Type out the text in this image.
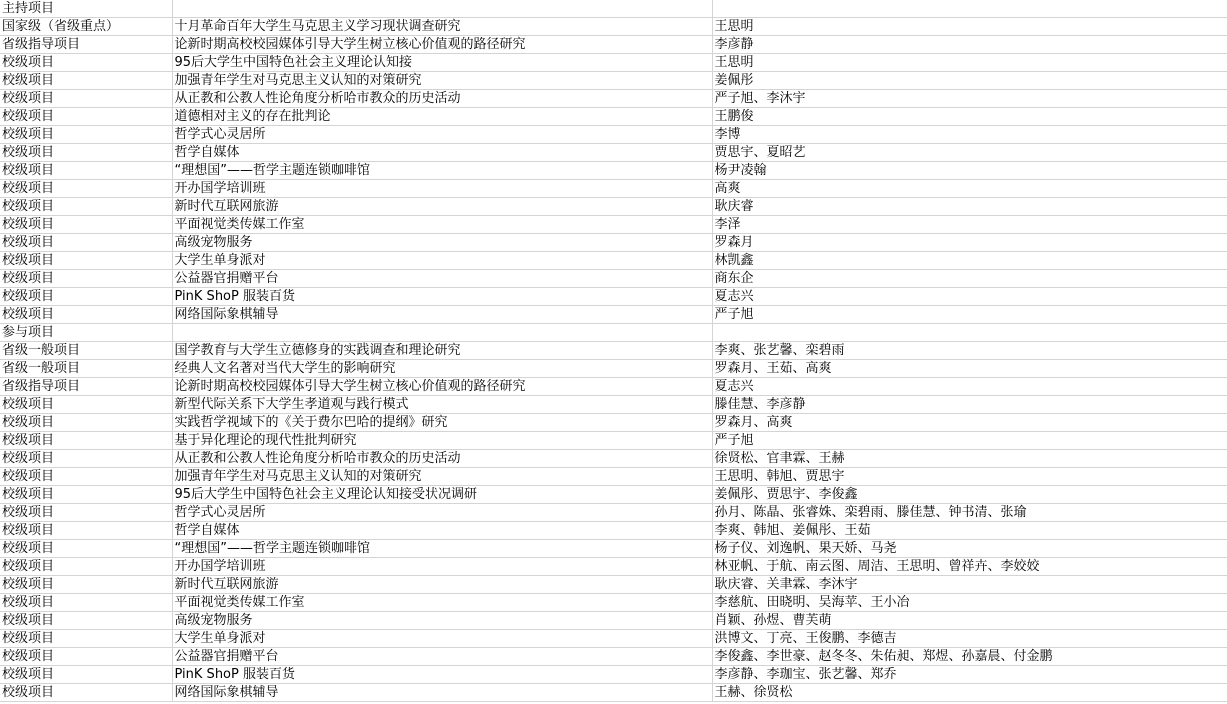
主持项目		
国家级（省级重点）	十月革命百年大学生马克思主义学习现状调查研究	王思明
省级指导项目	论新时期高校校园媒体引导大学生树立核心价值观的路径研究	李彦静
校级项目	95后大学生中国特色社会主义理论认知接	王思明
校级项目	加强青年学生对马克思主义认知的对策研究	姜佩彤
校级项目	从正教和公教人性论角度分析哈市教众的历史活动	严子旭、李沐宇
校级项目	道德相对主义的存在批判论	王鹏俊
校级项目	哲学式心灵居所	李博
校级项目	哲学自媒体	贾思宇、夏昭艺
校级项目	“理想国”——哲学主题连锁咖啡馆	杨尹凌翰
校级项目	开办国学培训班	高爽
校级项目	新时代互联网旅游	耿庆睿
校级项目	平面视觉类传媒工作室	李泽
校级项目	高级宠物服务	罗森月
校级项目	大学生单身派对	林凯鑫
校级项目	公益器官捐赠平台	商东企
校级项目	PinK ShoP 服装百货	夏志兴
校级项目	网络国际象棋辅导	严子旭
参与项目		
省级一般项目	国学教育与大学生立德修身的实践调查和理论研究	李爽、张艺馨、栾碧雨
省级一般项目	经典人文名著对当代大学生的影响研究	罗森月、王茹、高爽
省级指导项目	论新时期高校校园媒体引导大学生树立核心价值观的路径研究	夏志兴
校级项目	新型代际关系下大学生孝道观与践行模式	滕佳慧、李彦静
校级项目	实践哲学视域下的《关于费尔巴哈的提纲》研究	罗森月、高爽
校级项目	基于异化理论的现代性批判研究	严子旭
校级项目	从正教和公教人性论角度分析哈市教众的历史活动	徐贤松、官聿霖、王赫
校级项目	加强青年学生对马克思主义认知的对策研究	王思明、韩旭、贾思宇
校级项目	95后大学生中国特色社会主义理论认知接受状况调研	姜佩彤、贾思宇、李俊鑫
校级项目	哲学式心灵居所	孙月、陈晶、张睿姝、栾碧雨、滕佳慧、钟书清、张瑜
校级项目	哲学自媒体	李爽、韩旭、姜佩彤、王茹
校级项目	“理想国”——哲学主题连锁咖啡馆	杨子仪、刘逸帆、果天娇、马尧
校级项目	开办国学培训班	林亚帆、于航、南云图、周洁、王思明、曾祥卉、李姣姣
校级项目	新时代互联网旅游	耿庆睿、关聿霖、李沐宇
校级项目	平面视觉类传媒工作室	李慈航、田晓明、吴海苹、王小冶
校级项目	高级宠物服务	肖颖、孙煜、曹芙萌
校级项目	大学生单身派对	洪博文、丁亮、王俊鹏、李德吉
校级项目	公益器官捐赠平台	李俊鑫、李世豪、赵冬冬、朱佑昶、郑煜、孙嘉晨、付金鹏
校级项目	PinK ShoP 服装百货	李彦静、李珈宝、张艺馨、郑乔
校级项目	网络国际象棋辅导	王赫、徐贤松
